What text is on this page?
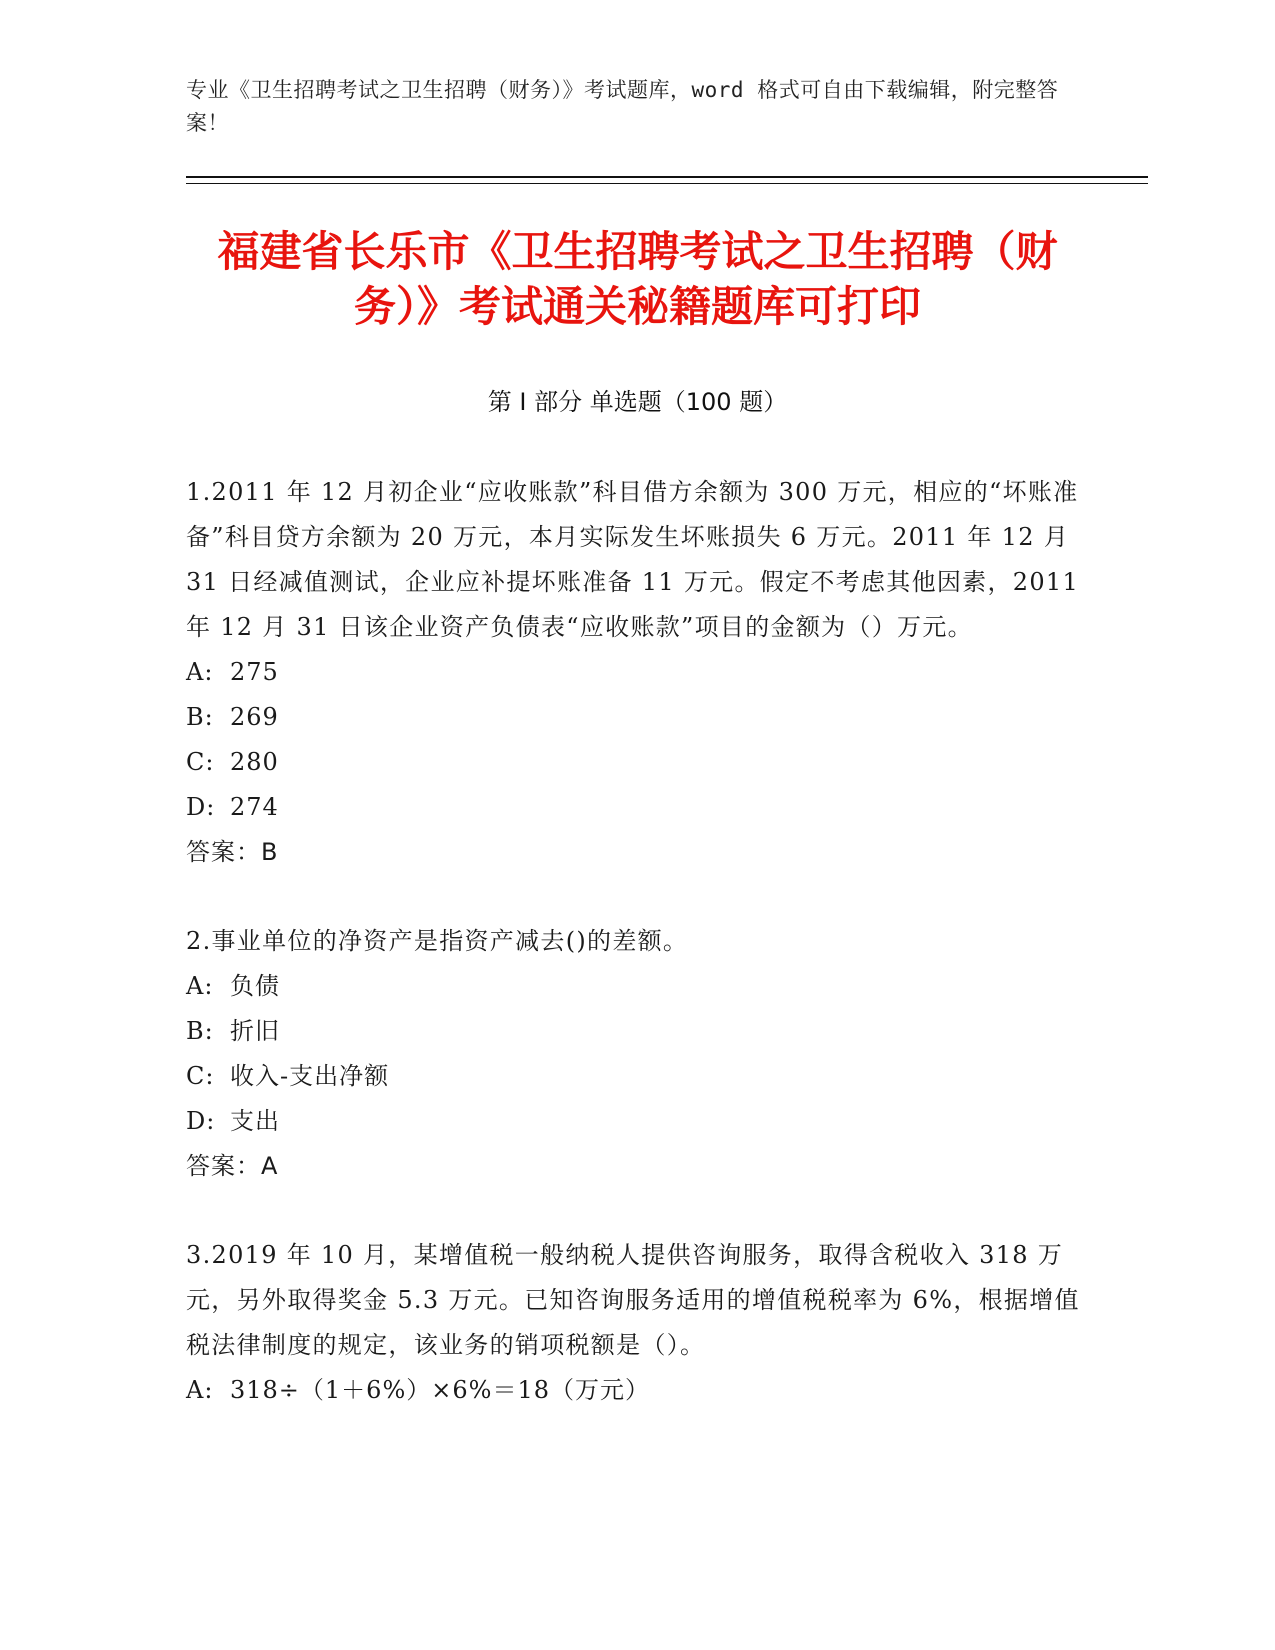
专业《卫生招聘考试之卫生招聘（财务）》考试题库，word 格式可自由下载编辑，附完整答案！
福建省长乐市《卫生招聘考试之卫生招聘（财务）》考试通关秘籍题库可打印
第 I 部分 单选题（100 题）
1.2011 年 12 月初企业“应收账款”科目借方余额为 300 万元，相应的“坏账准备”科目贷方余额为 20 万元，本月实际发生坏账损失 6 万元。2011 年 12 月 31 日经减值测试，企业应补提坏账准备 11 万元。假定不考虑其他因素，2011 年 12 月 31 日该企业资产负债表“应收账款”项目的金额为（）万元。
A: 275
B: 269
C: 280
D: 274
答案：B
2.事业单位的净资产是指资产减去()的差额。
A: 负债
B: 折旧
C: 收入-支出净额
D: 支出
答案：A
3.2019 年 10 月，某增值税一般纳税人提供咨询服务，取得含税收入 318 万元，另外取得奖金 5.3 万元。已知咨询服务适用的增值税税率为 6%，根据增值税法律制度的规定，该业务的销项税额是（）。
A: 318÷（1＋6%）×6%＝18（万元）
